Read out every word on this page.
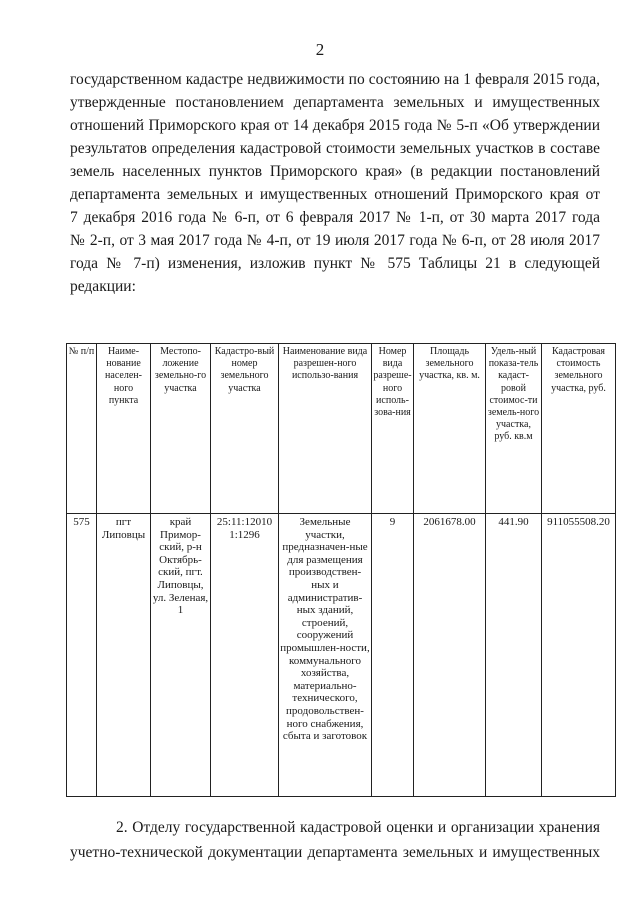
2
государственном кадастре недвижимости по состоянию на 1 февраля 2015 года,
утвержденные постановлением департамента земельных и имущественных
отношений Приморского края от 14 декабря 2015 года № 5-п «Об утверждении
результатов определения кадастровой стоимости земельных участков в составе
земель населенных пунктов Приморского края» (в редакции постановлений
департамента земельных и имущественных отношений Приморского края от
7 декабря 2016 года № 6-п, от 6 февраля 2017 № 1-п, от 30 марта 2017 года
№ 2-п, от 3 мая 2017 года № 4-п, от 19 июля 2017 года № 6-п, от 28 июля 2017
года № 7-п) изменения, изложив пункт № 575 Таблицы 21 в следующей
редакции:
№ п/п	Наиме-нование населен-ного пункта	Местопо-ложение земельно-го участка	Кадастро-вый номер земельного участка	Наименование вида разрешен-ного использо-вания	Номер вида разреше-ного исполь-зова-ния	Площадь земельного участка, кв. м.	Удель-ный показа-тель кадаст-ровой стоимос-ти земель-ного участка, руб. кв.м	Кадастровая стоимость земельного участка, руб.
575	пгт Липовцы	край Примор-ский, р-н Октябрь-ский, пгт. Липовцы, ул. Зеленая, 1	25:11:12010 1:1296	Земельные участки, предназначен-ные для размещения производствен-ных и административ-ных зданий, строений, сооружений промышлен-ности, коммунального хозяйства, материально-технического, продовольствен-ного снабжения, сбыта и заготовок	9	2061678.00	441.90	911055508.20
2. Отделу государственной кадастровой оценки и организации хранения
учетно-технической документации департамента земельных и имущественных
